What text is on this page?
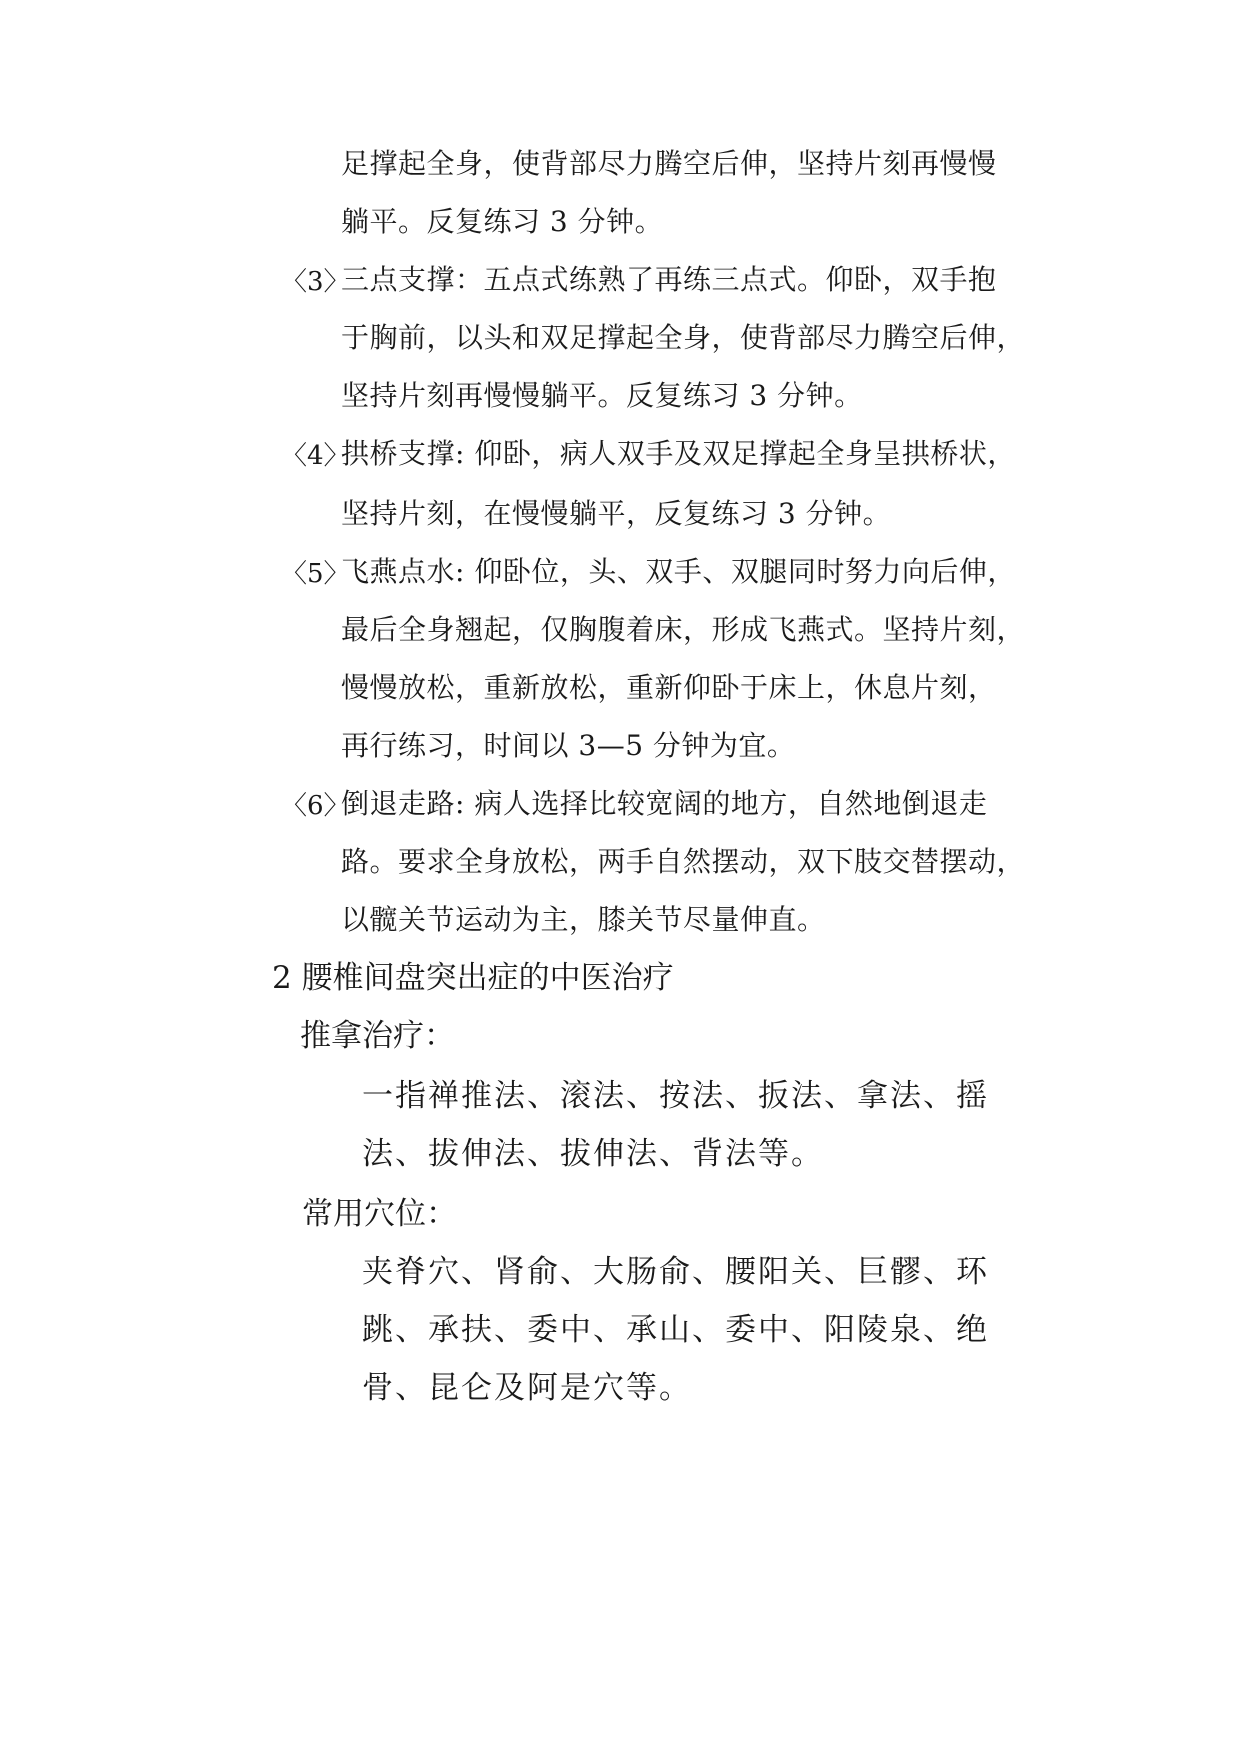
足撑起全身，使背部尽力腾空后伸，坚持片刻再慢慢
躺平。反复练习 3 分钟。
〈3〉
三点支撑：五点式练熟了再练三点式。仰卧，双手抱
于胸前，以头和双足撑起全身，使背部尽力腾空后伸，
坚持片刻再慢慢躺平。反复练习 3 分钟。
〈4〉
拱桥支撑: 仰卧，病人双手及双足撑起全身呈拱桥状，
坚持片刻，在慢慢躺平，反复练习 3 分钟。
〈5〉
飞燕点水: 仰卧位，头、双手、双腿同时努力向后伸，
最后全身翘起，仅胸腹着床，形成飞燕式。坚持片刻，
慢慢放松，重新放松，重新仰卧于床上，休息片刻，
再行练习，时间以 3—5 分钟为宜。
〈6〉
倒退走路: 病人选择比较宽阔的地方，自然地倒退走
路。要求全身放松，两手自然摆动，双下肢交替摆动，
以髋关节运动为主，膝关节尽量伸直。
2 腰椎间盘突出症的中医治疗
推拿治疗：
一指禅推法、滚法、按法、扳法、拿法、摇
法、拔伸法、拔伸法、背法等。
常用穴位：
夹脊穴、肾俞、大肠俞、腰阳关、巨髎、环
跳、承扶、委中、承山、委中、阳陵泉、绝
骨、昆仑及阿是穴等。
